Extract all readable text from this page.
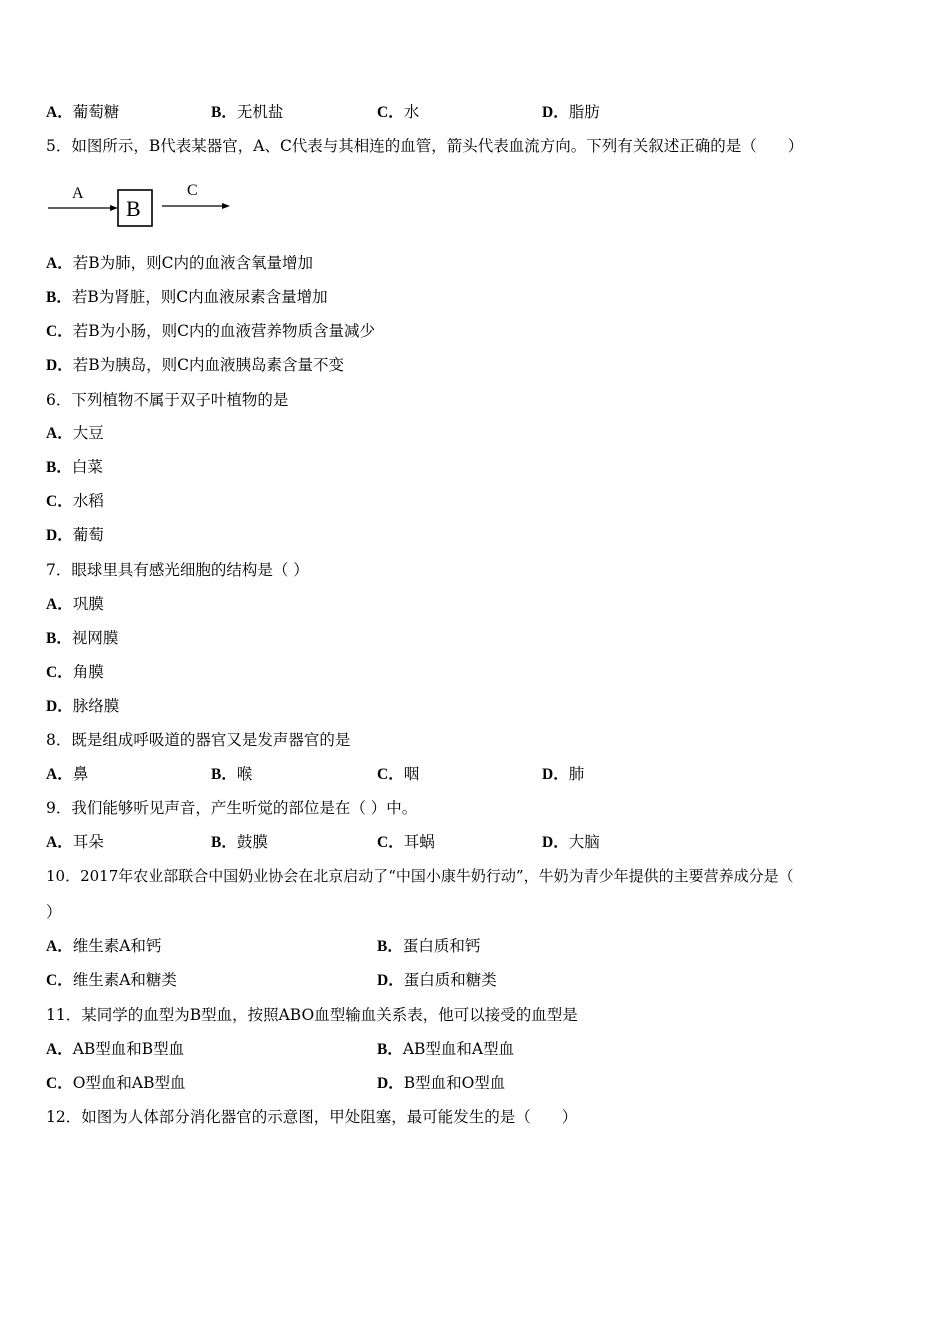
A．葡萄糖	B．无机盐	C．水	D．脂肪
5．如图所示，B代表某器官，A、C代表与其相连的血管，箭头代表血流方向。下列有关叙述正确的是（　　）
A
B
C
A．若B为肺，则C内的血液含氧量增加
B．若B为肾脏，则C内血液尿素含量增加
C．若B为小肠，则C内的血液营养物质含量减少
D．若B为胰岛，则C内血液胰岛素含量不变
6．下列植物不属于双子叶植物的是
A．大豆
B．白菜
C．水稻
D．葡萄
7．眼球里具有感光细胞的结构是（ ）
A．巩膜
B．视网膜
C．角膜
D．脉络膜
8．既是组成呼吸道的器官又是发声器官的是
A．鼻	B．喉	C．咽	D．肺
9．我们能够听见声音，产生听觉的部位是在（ ）中。
A．耳朵	B．鼓膜	C．耳蜗	D．大脑
10．2017年农业部联合中国奶业协会在北京启动了“中国小康牛奶行动”，牛奶为青少年提供的主要营养成分是（
）
A．维生素A和钙	B．蛋白质和钙
C．维生素A和糖类	D．蛋白质和糖类
11．某同学的血型为B型血，按照ABO血型输血关系表，他可以接受的血型是
A．AB型血和B型血	B．AB型血和A型血
C．O型血和AB型血	D．B型血和O型血
12．如图为人体部分消化器官的示意图，甲处阻塞，最可能发生的是（　　）
